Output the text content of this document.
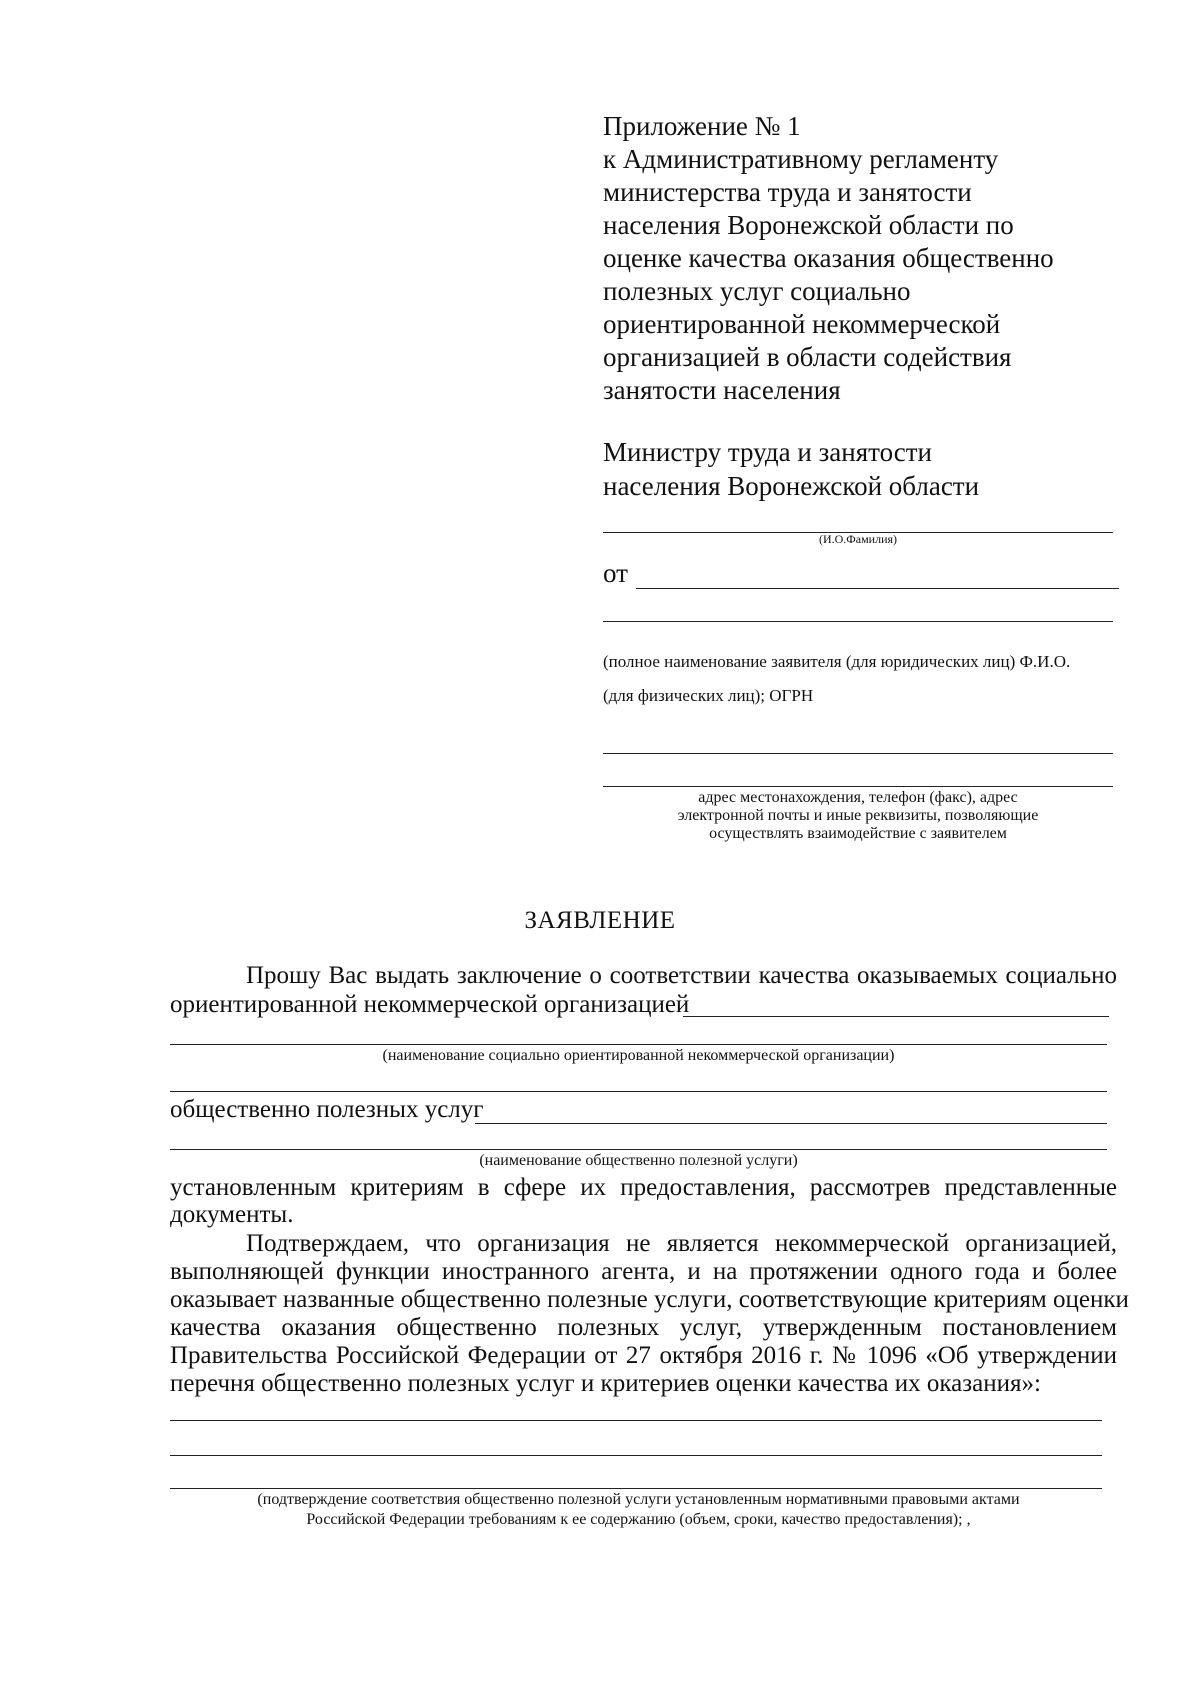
Приложение № 1
к Административному регламенту
министерства труда и занятости
населения Воронежской области по
оценке качества оказания общественно
полезных услуг социально
ориентированной некоммерческой
организацией в области содействия
занятости населения
Министру труда и занятости
населения Воронежской области
(И.О.Фамилия)
от
(полное наименование заявителя (для юридических лиц) Ф.И.О.
(для физических лиц); ОГРН
адрес местонахождения, телефон (факс), адрес
электронной почты и иные реквизиты, позволяющие
осуществлять взаимодействие с заявителем
ЗАЯВЛЕНИЕ
Прошу Вас выдать заключение о соответствии качества оказываемых социально
ориентированной некоммерческой организацией
(наименование социально ориентированной некоммерческой организации)
общественно полезных услуг
(наименование общественно полезной услуги)
установленным критериям в сфере их предоставления, рассмотрев представленные
документы.
Подтверждаем, что организация не является некоммерческой организацией,
выполняющей функции иностранного агента, и на протяжении одного года и более
оказывает названные общественно полезные услуги, соответствующие критериям оценки
качества оказания общественно полезных услуг, утвержденным постановлением
Правительства Российской Федерации от 27 октября 2016 г. № 1096 «Об утверждении
перечня общественно полезных услуг и критериев оценки качества их оказания»:
(подтверждение соответствия общественно полезной услуги установленным нормативными правовыми актами
Российской Федерации требованиям к ее содержанию (объем, сроки, качество предоставления); ,
